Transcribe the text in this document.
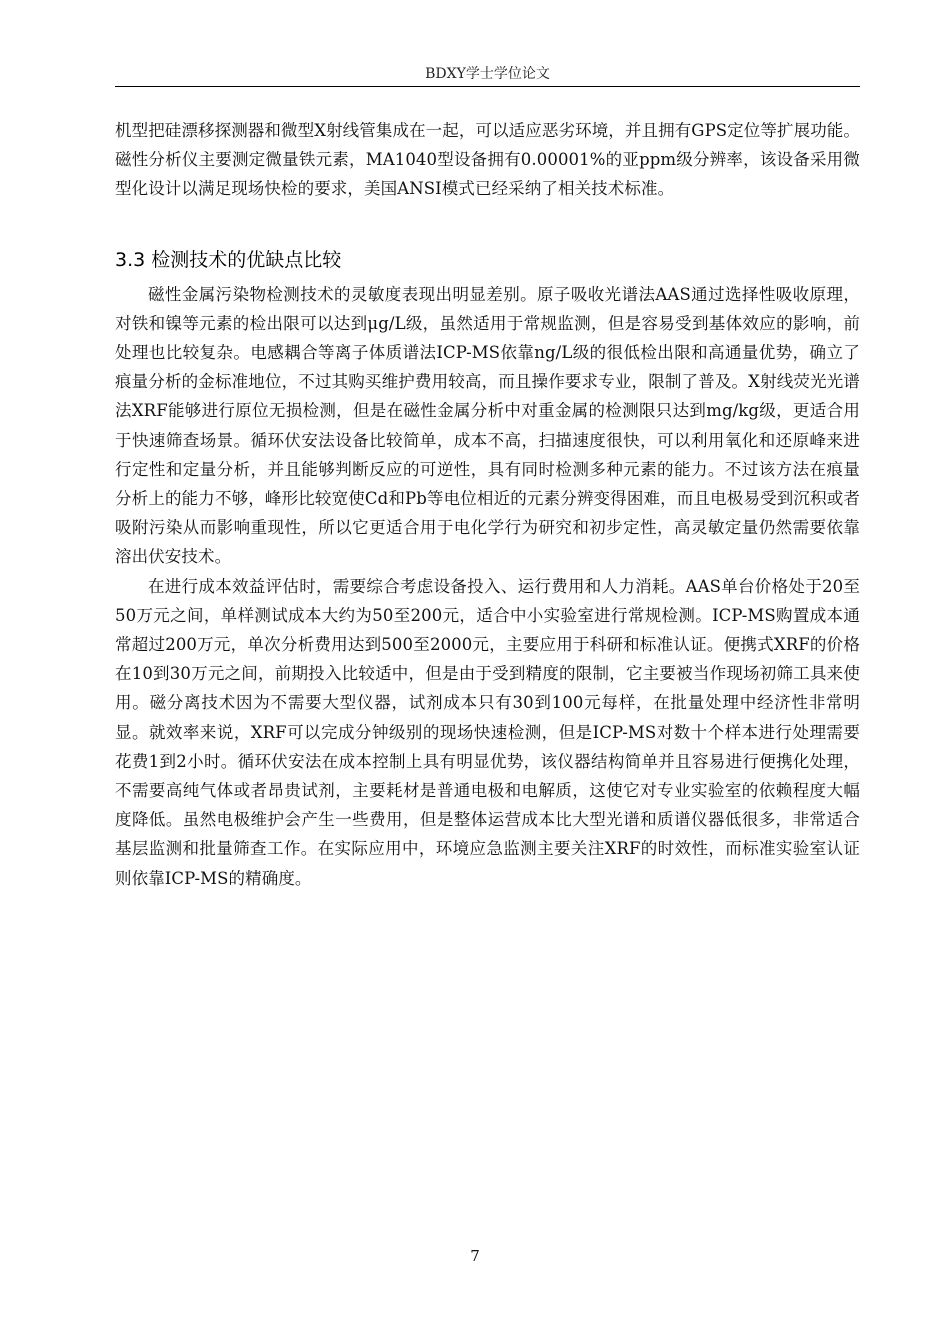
BDXY学士学位论文

机型把硅漂移探测器和微型X射线管集成在一起，可以适应恶劣环境，并且拥有GPS定位等扩展功能。磁性分析仪主要测定微量铁元素，MA1040型设备拥有0.00001%的亚ppm级分辨率，该设备采用微型化设计以满足现场快检的要求，美国ANSI模式已经采纳了相关技术标准。

3.3 检测技术的优缺点比较

磁性金属污染物检测技术的灵敏度表现出明显差别。原子吸收光谱法AAS通过选择性吸收原理，对铁和镍等元素的检出限可以达到μg/L级，虽然适用于常规监测，但是容易受到基体效应的影响，前处理也比较复杂。电感耦合等离子体质谱法ICP-MS依靠ng/L级的很低检出限和高通量优势，确立了痕量分析的金标准地位，不过其购买维护费用较高，而且操作要求专业，限制了普及。X射线荧光光谱法XRF能够进行原位无损检测，但是在磁性金属分析中对重金属的检测限只达到mg/kg级，更适合用于快速筛查场景。循环伏安法设备比较简单，成本不高，扫描速度很快，可以利用氧化和还原峰来进行定性和定量分析，并且能够判断反应的可逆性，具有同时检测多种元素的能力。不过该方法在痕量分析上的能力不够，峰形比较宽使Cd和Pb等电位相近的元素分辨变得困难，而且电极易受到沉积或者吸附污染从而影响重现性，所以它更适合用于电化学行为研究和初步定性，高灵敏定量仍然需要依靠溶出伏安技术。

在进行成本效益评估时，需要综合考虑设备投入、运行费用和人力消耗。AAS单台价格处于20至50万元之间，单样测试成本大约为50至200元，适合中小实验室进行常规检测。ICP-MS购置成本通常超过200万元，单次分析费用达到500至2000元，主要应用于科研和标准认证。便携式XRF的价格在10到30万元之间，前期投入比较适中，但是由于受到精度的限制，它主要被当作现场初筛工具来使用。磁分离技术因为不需要大型仪器，试剂成本只有30到100元每样，在批量处理中经济性非常明显。就效率来说，XRF可以完成分钟级别的现场快速检测，但是ICP-MS对数十个样本进行处理需要花费1到2小时。循环伏安法在成本控制上具有明显优势，该仪器结构简单并且容易进行便携化处理，不需要高纯气体或者昂贵试剂，主要耗材是普通电极和电解质，这使它对专业实验室的依赖程度大幅度降低。虽然电极维护会产生一些费用，但是整体运营成本比大型光谱和质谱仪器低很多，非常适合基层监测和批量筛查工作。在实际应用中，环境应急监测主要关注XRF的时效性，而标准实验室认证则依靠ICP-MS的精确度。

7
